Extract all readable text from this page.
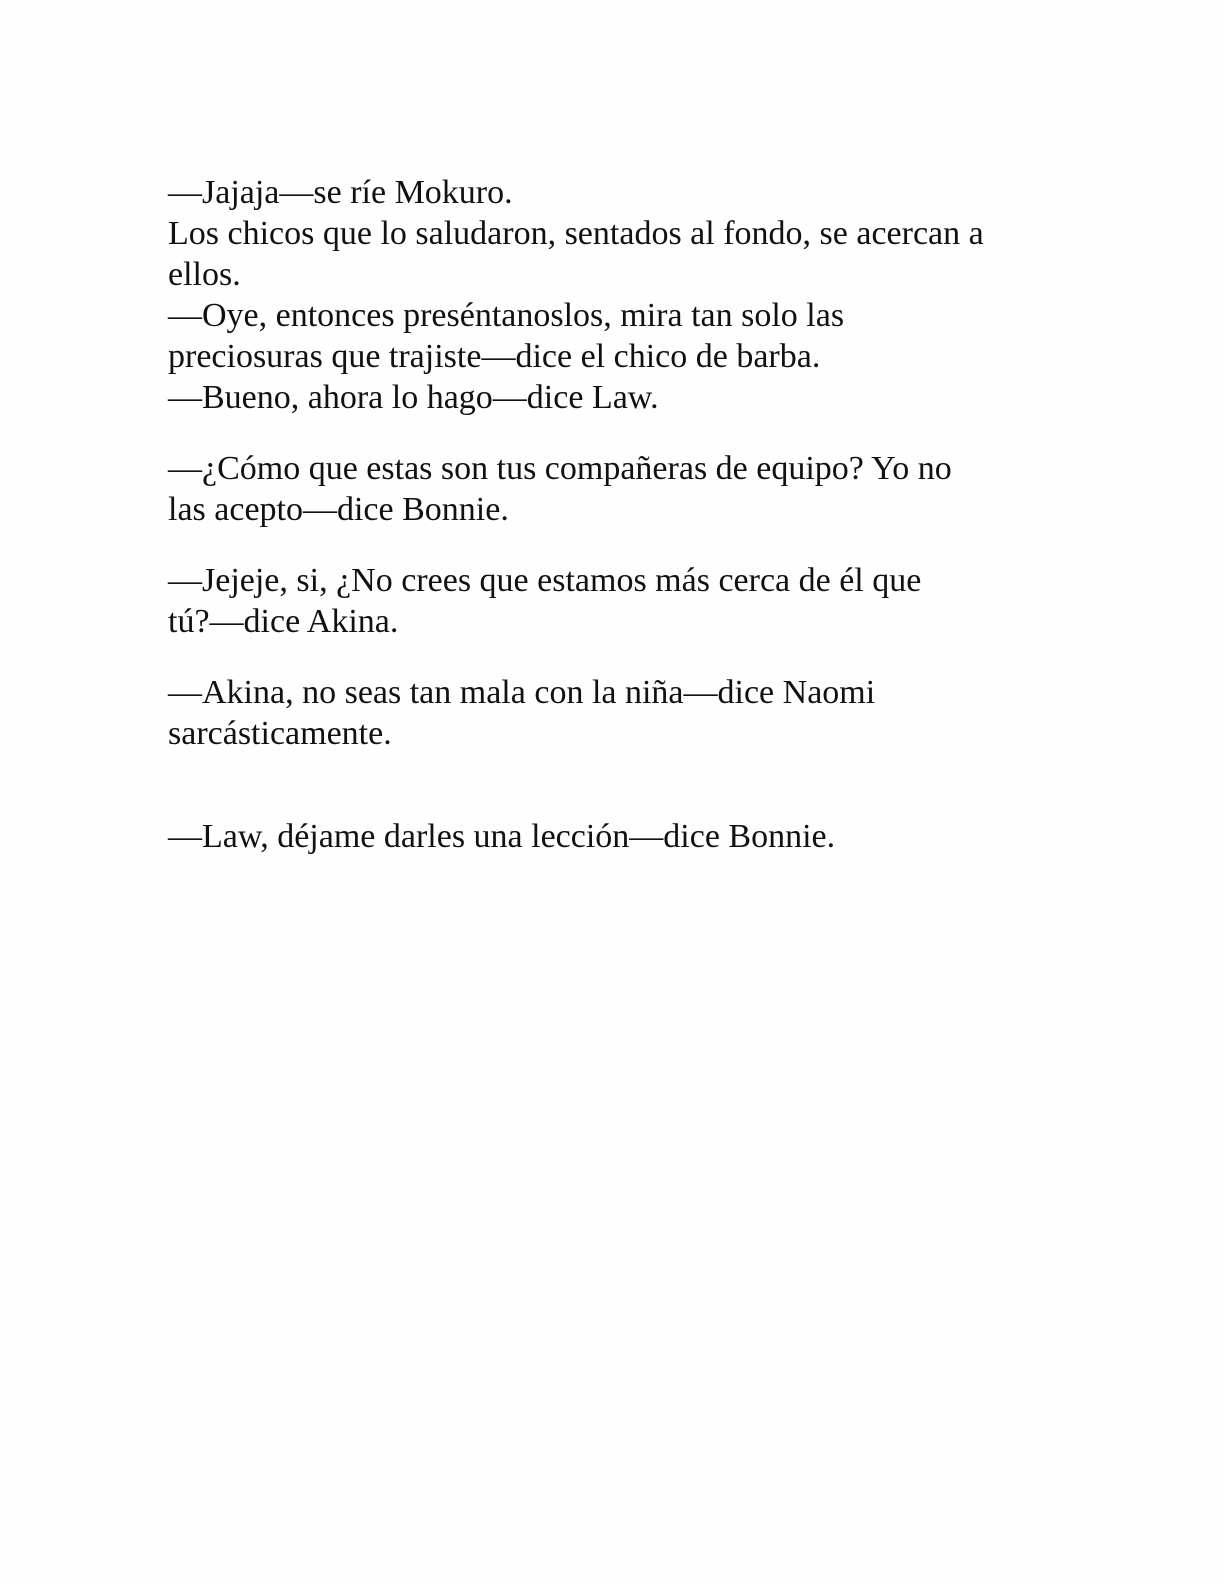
—Jajaja—se ríe Mokuro.
Los chicos que lo saludaron, sentados al fondo, se acercan a
ellos.
—Oye, entonces preséntanoslos, mira tan solo las
preciosuras que trajiste—dice el chico de barba.
—Bueno, ahora lo hago—dice Law.
—¿Cómo que estas son tus compañeras de equipo? Yo no
las acepto—dice Bonnie.
—Jejeje, si, ¿No crees que estamos más cerca de él que
tú?—dice Akina.
—Akina, no seas tan mala con la niña—dice Naomi
sarcásticamente.
—Law, déjame darles una lección—dice Bonnie.
